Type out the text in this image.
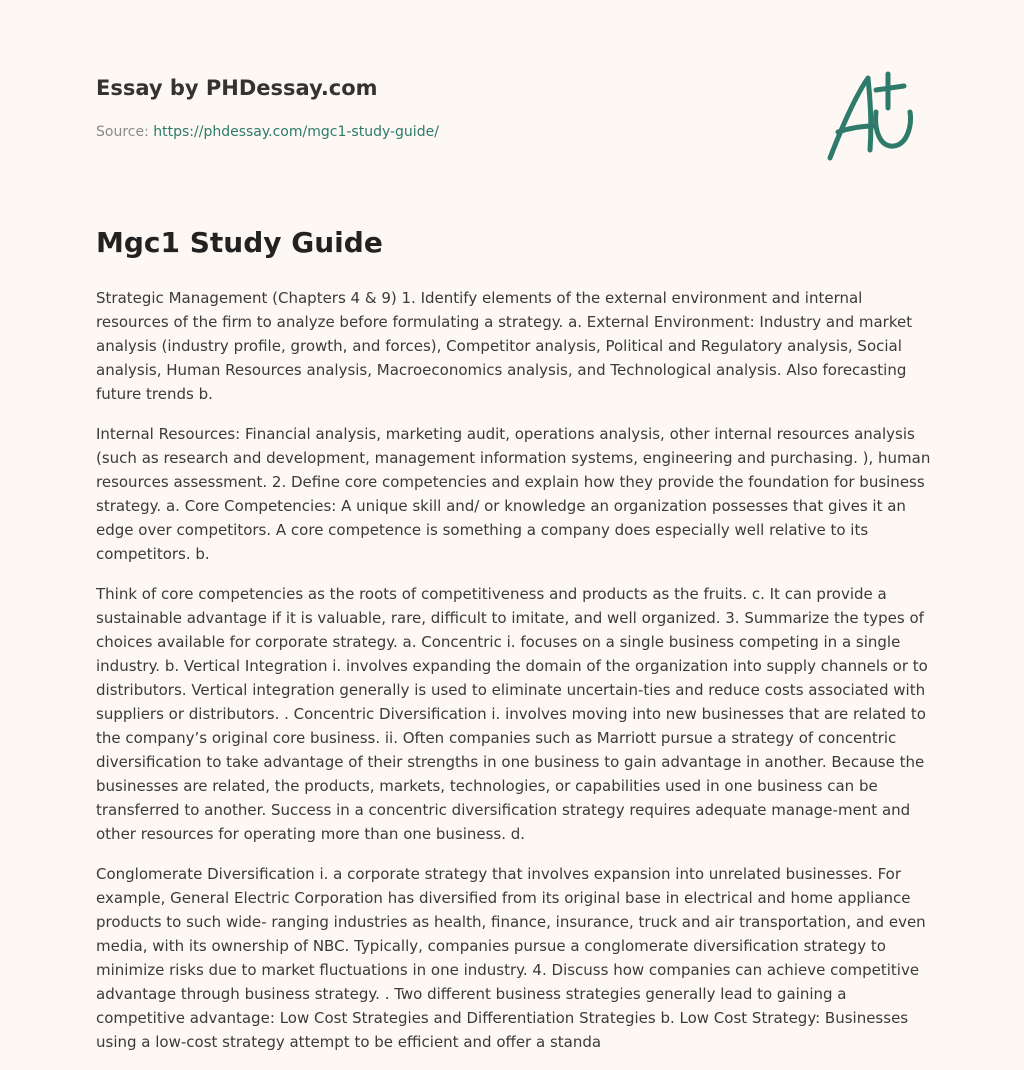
Essay by PHDessay.com
Source: https://phdessay.com/mgc1-study-guide/
Mgc1 Study Guide

Strategic Management (Chapters 4 & 9) 1. Identify elements of the external environment and internal resources of the firm to analyze before formulating a strategy. a. External Environment: Industry and market analysis (industry profile, growth, and forces), Competitor analysis, Political and Regulatory analysis, Social analysis, Human Resources analysis, Macroeconomics analysis, and Technological analysis. Also forecasting future trends b.

Internal Resources: Financial analysis, marketing audit, operations analysis, other internal resources analysis (such as research and development, management information systems, engineering and purchasing. ), human resources assessment. 2. Define core competencies and explain how they provide the foundation for business strategy. a. Core Competencies: A unique skill and/ or knowledge an organization possesses that gives it an edge over competitors. A core competence is something a company does especially well relative to its competitors. b.

Think of core competencies as the roots of competitiveness and products as the fruits. c. It can provide a sustainable advantage if it is valuable, rare, difficult to imitate, and well organized. 3. Summarize the types of choices available for corporate strategy. a. Concentric i. focuses on a single business competing in a single industry. b. Vertical Integration i. involves expanding the domain of the organization into supply channels or to distributors. Vertical integration generally is used to eliminate uncertain-ties and reduce costs associated with suppliers or distributors. . Concentric Diversification i. involves moving into new businesses that are related to the company’s original core business. ii. Often companies such as Marriott pursue a strategy of concentric diversification to take advantage of their strengths in one business to gain advantage in another. Because the businesses are related, the products, markets, technologies, or capabilities used in one business can be transferred to another. Success in a concentric diversification strategy requires adequate manage-ment and other resources for operating more than one business. d.

Conglomerate Diversification i. a corporate strategy that involves expansion into unrelated businesses. For example, General Electric Corporation has diversified from its original base in electrical and home appliance products to such wide- ranging industries as health, finance, insurance, truck and air transportation, and even media, with its ownership of NBC. Typically, companies pursue a conglomerate diversification strategy to minimize risks due to market fluctuations in one industry. 4. Discuss how companies can achieve competitive advantage through business strategy. . Two different business strategies generally lead to gaining a competitive advantage: Low Cost Strategies and Differentiation Strategies b. Low Cost Strategy: Businesses using a low-cost strategy attempt to be efficient and offer a standa
